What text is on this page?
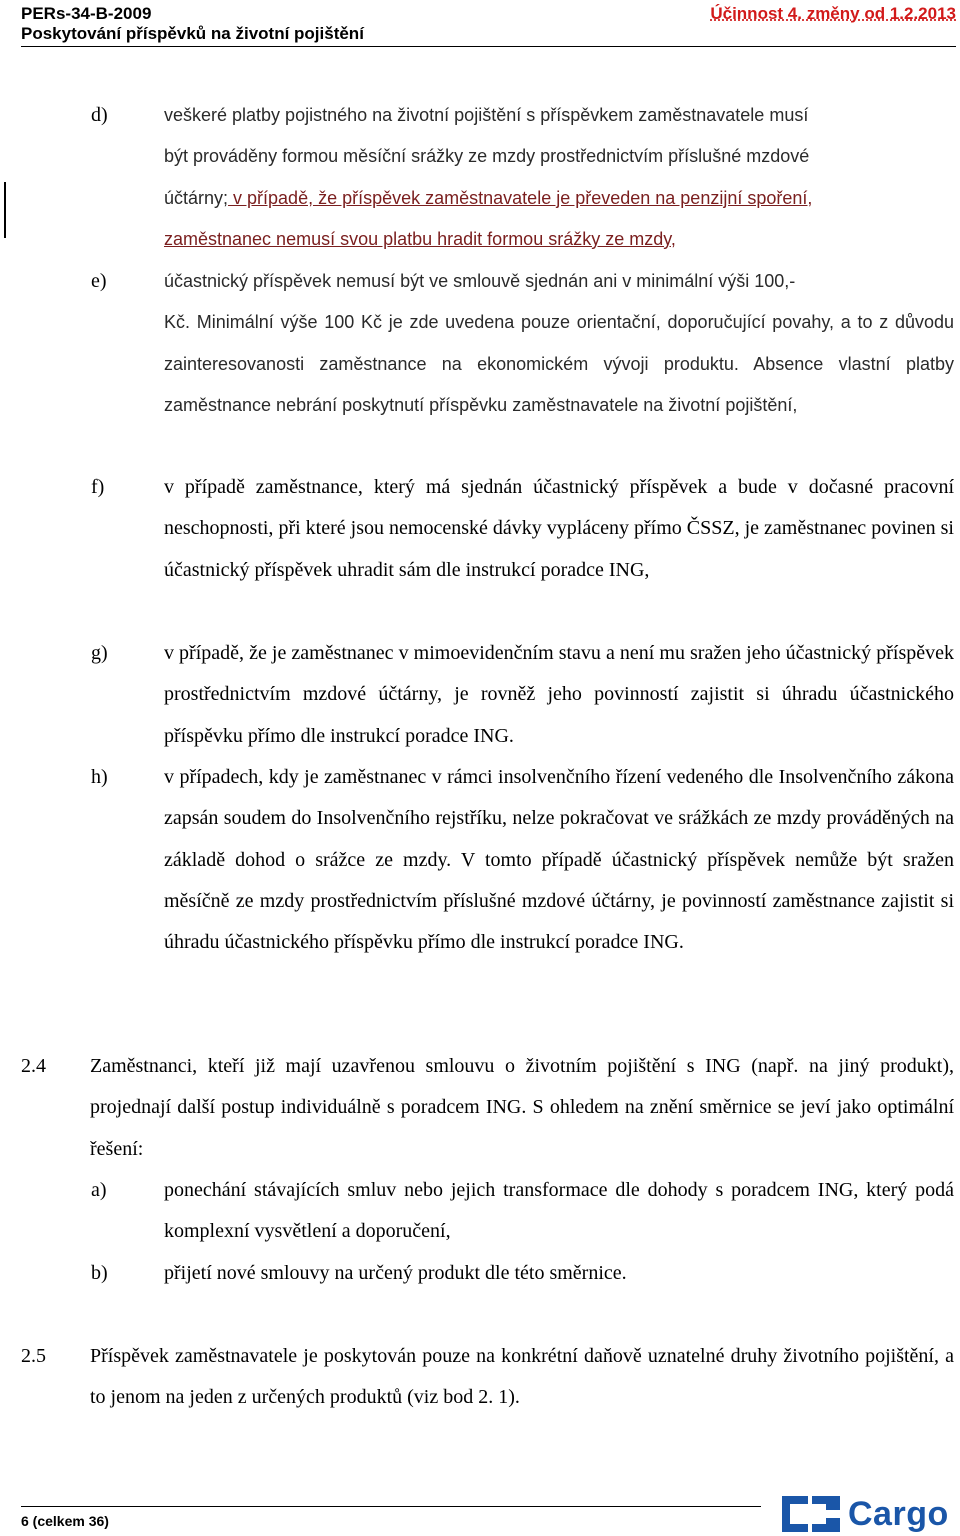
PERs-34-B-2009	Účinnost 4. změny od 1.2.2013
Poskytování příspěvků na životní pojištění
d)	veškeré platby pojistného na životní pojištění s příspěvkem zaměstnavatele musí
být prováděny formou měsíční srážky ze mzdy prostřednictvím příslušné mzdové
účtárny; v případě, že příspěvek zaměstnavatele je převeden na penzijní spoření,
zaměstnanec nemusí svou platbu hradit formou srážky ze mzdy,
e)	účastnický příspěvek nemusí být ve smlouvě sjednán ani v minimální výši 100,-
Kč. Minimální výše 100 Kč je zde uvedena pouze orientační, doporučující povahy, a to z důvodu zainteresovanosti zaměstnance na ekonomickém vývoji produktu. Absence vlastní platby zaměstnance nebrání poskytnutí příspěvku zaměstnavatele na životní pojištění,
f)	v případě zaměstnance, který má sjednán účastnický příspěvek a bude v dočasné pracovní neschopnosti, při které jsou nemocenské dávky vypláceny přímo ČSSZ, je zaměstnanec povinen si účastnický příspěvek uhradit sám dle instrukcí poradce ING,
g)	v případě, že je zaměstnanec v mimoevidenčním stavu a není mu sražen jeho účastnický příspěvek prostřednictvím mzdové účtárny, je rovněž jeho povinností zajistit si úhradu účastnického příspěvku přímo dle instrukcí poradce ING.
h)	v případech, kdy je zaměstnanec v rámci insolvenčního řízení vedeného dle Insolvenčního zákona zapsán soudem do Insolvenčního rejstříku, nelze pokračovat ve srážkách ze mzdy prováděných na základě dohod o srážce ze mzdy. V tomto případě účastnický příspěvek nemůže být sražen měsíčně ze mzdy prostřednictvím příslušné mzdové účtárny, je povinností zaměstnance zajistit si úhradu účastnického příspěvku přímo dle instrukcí poradce ING.
2.4	Zaměstnanci, kteří již mají uzavřenou smlouvu o životním pojištění s ING (např. na jiný produkt), projednají další postup individuálně s poradcem ING. S ohledem na znění směrnice se jeví jako optimální řešení:
a)	ponechání stávajících smluv nebo jejich transformace dle dohody s poradcem ING, který podá komplexní vysvětlení a doporučení,
b)	přijetí nové smlouvy na určený produkt dle této směrnice.
2.5	Příspěvek zaměstnavatele je poskytován pouze na konkrétní daňově uznatelné druhy životního pojištění, a to jenom na jeden z určených produktů (viz bod 2. 1).
6 (celkem 36)	Cargo
